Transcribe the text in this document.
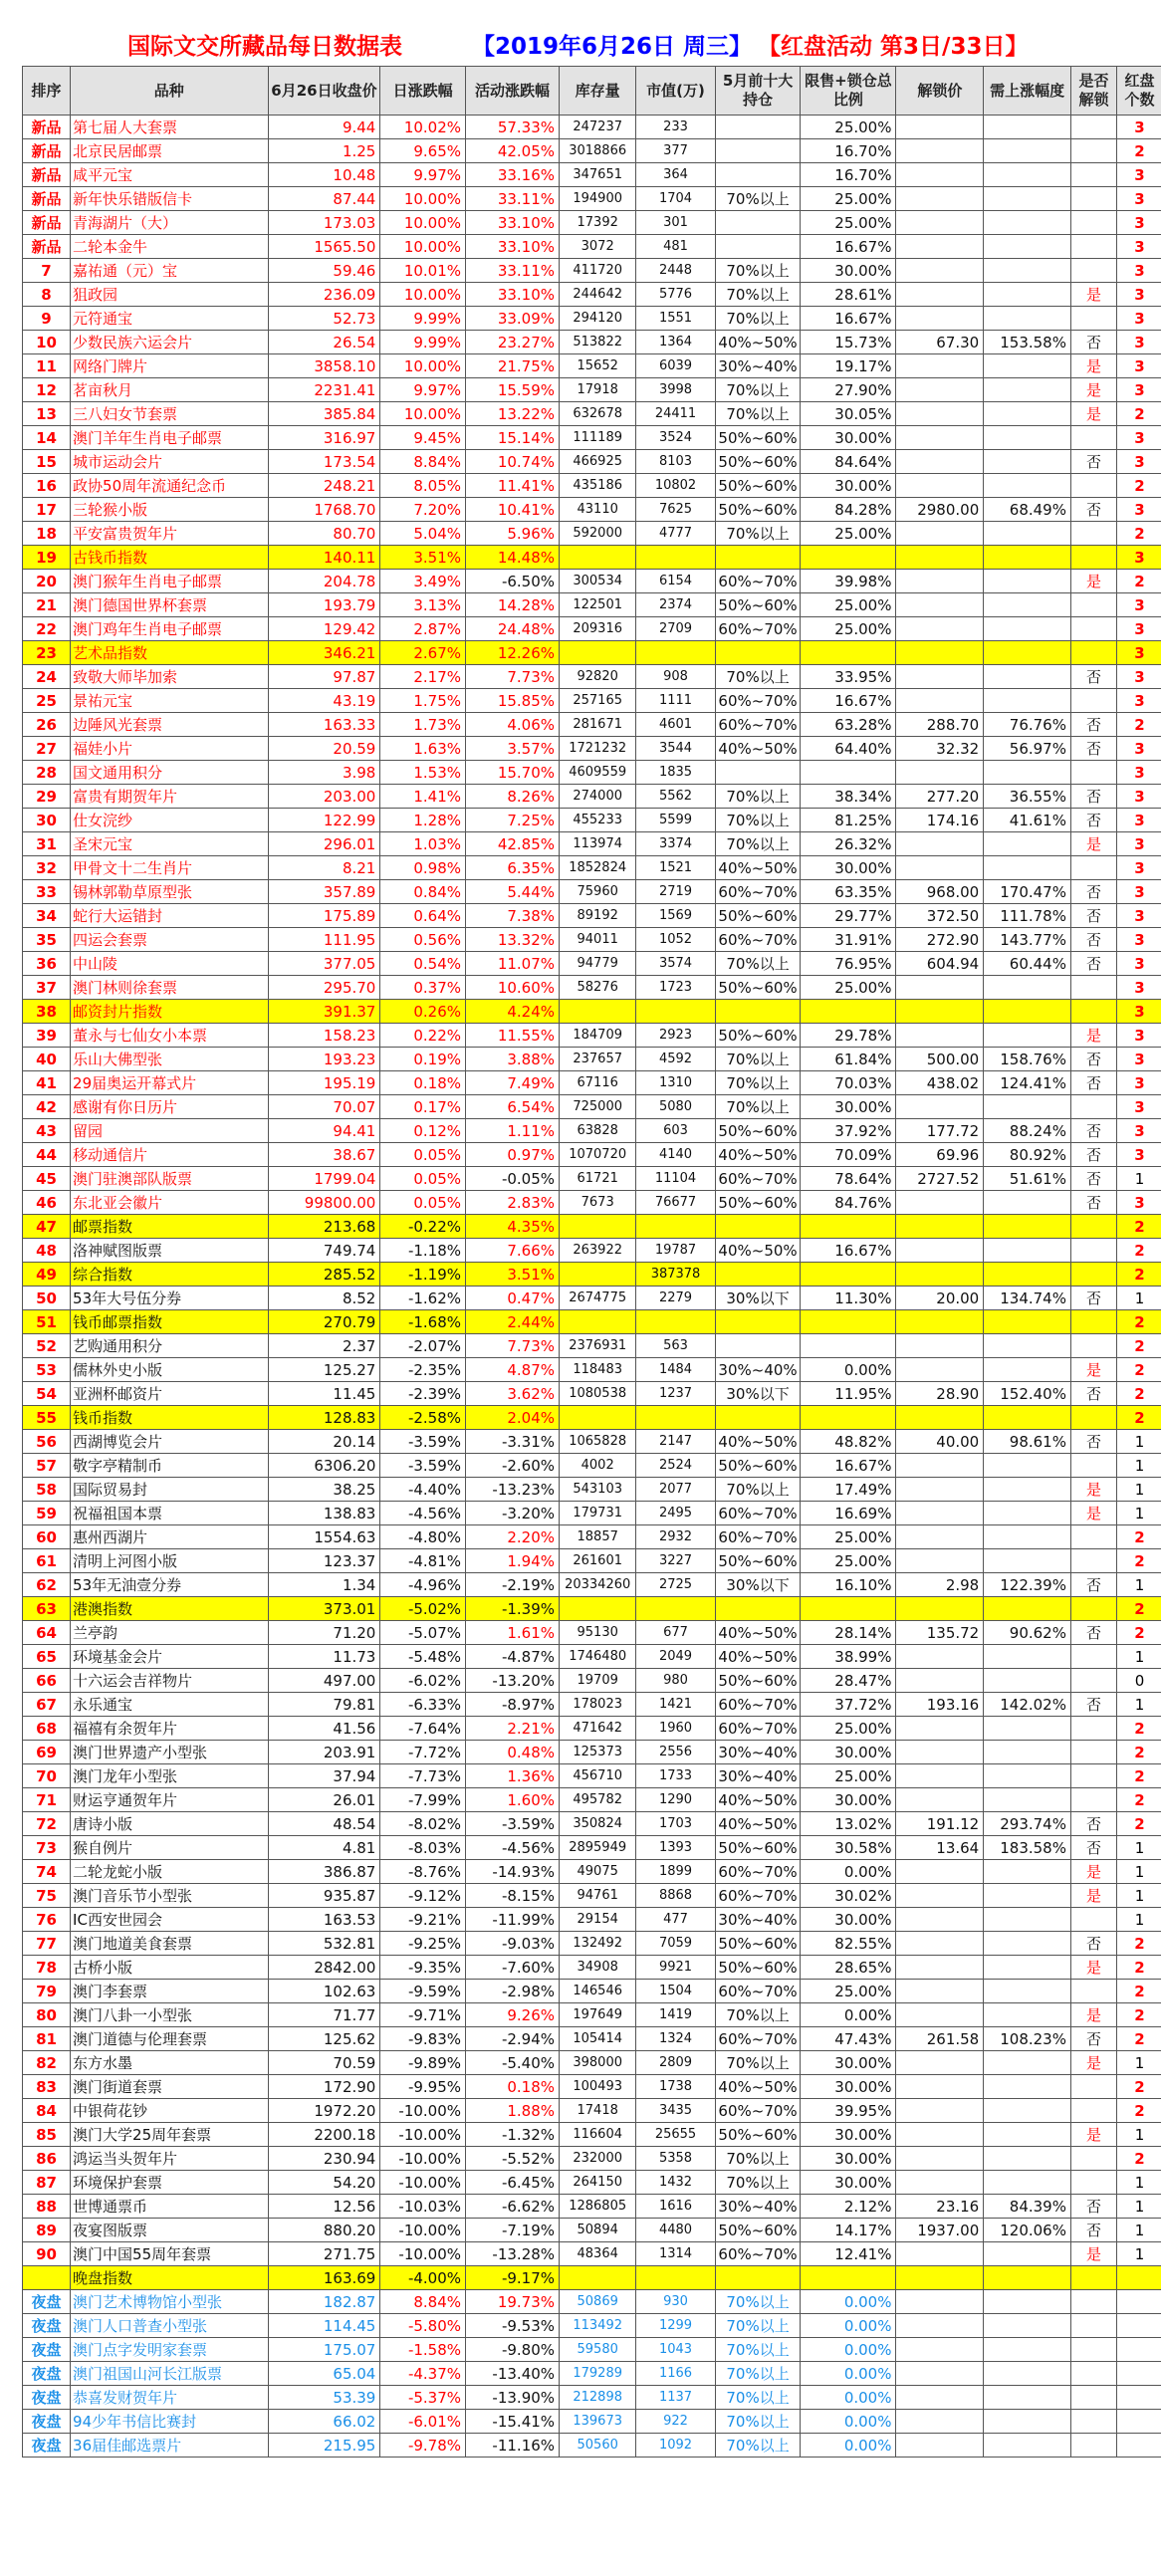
国际文交所藏品每日数据表	【2019年6月26日 周三】 【红盘活动 第3日/33日】
排序	品种	6月26日收盘价	日涨跌幅	活动涨跌幅	库存量	市值(万)	5月前十大持仓	限售+锁仓总比例	解锁价	需上涨幅度	是否解锁	红盘个数
新品	第七届人大套票	9.44	10.02%	57.33%	247237	233		25.00%				3
新品	北京民居邮票	1.25	9.65%	42.05%	3018866	377		16.70%				2
新品	咸平元宝	10.48	9.97%	33.16%	347651	364		16.70%				3
新品	新年快乐错版信卡	87.44	10.00%	33.11%	194900	1704	70%以上	25.00%				3
新品	青海湖片（大）	173.03	10.00%	33.10%	17392	301		25.00%				3
新品	二轮本金牛	1565.50	10.00%	33.10%	3072	481		16.67%				3
7	嘉祐通（元）宝	59.46	10.01%	33.11%	411720	2448	70%以上	30.00%				3
8	狙政园	236.09	10.00%	33.10%	244642	5776	70%以上	28.61%			是	3
9	元符通宝	52.73	9.99%	33.09%	294120	1551	70%以上	16.67%				3
10	少数民族六运会片	26.54	9.99%	23.27%	513822	1364	40%~50%	15.73%	67.30	153.58%	否	3
11	网络门牌片	3858.10	10.00%	21.75%	15652	6039	30%~40%	19.17%			是	3
12	茗亩秋月	2231.41	9.97%	15.59%	17918	3998	70%以上	27.90%			是	3
13	三八妇女节套票	385.84	10.00%	13.22%	632678	24411	70%以上	30.05%			是	2
14	澳门羊年生肖电子邮票	316.97	9.45%	15.14%	111189	3524	50%~60%	30.00%				3
15	城市运动会片	173.54	8.84%	10.74%	466925	8103	50%~60%	84.64%			否	3
16	政协50周年流通纪念币	248.21	8.05%	11.41%	435186	10802	50%~60%	30.00%				2
17	三轮猴小版	1768.70	7.20%	10.41%	43110	7625	50%~60%	84.28%	2980.00	68.49%	否	3
18	平安富贵贺年片	80.70	5.04%	5.96%	592000	4777	70%以上	25.00%				2
19	古钱币指数	140.11	3.51%	14.48%								3
20	澳门猴年生肖电子邮票	204.78	3.49%	-6.50%	300534	6154	60%~70%	39.98%			是	2
21	澳门德国世界杯套票	193.79	3.13%	14.28%	122501	2374	50%~60%	25.00%				3
22	澳门鸡年生肖电子邮票	129.42	2.87%	24.48%	209316	2709	60%~70%	25.00%				3
23	艺术品指数	346.21	2.67%	12.26%								3
24	致敬大师毕加索	97.87	2.17%	7.73%	92820	908	70%以上	33.95%			否	3
25	景祐元宝	43.19	1.75%	15.85%	257165	1111	60%~70%	16.67%				3
26	边陲风光套票	163.33	1.73%	4.06%	281671	4601	60%~70%	63.28%	288.70	76.76%	否	2
27	福娃小片	20.59	1.63%	3.57%	1721232	3544	40%~50%	64.40%	32.32	56.97%	否	3
28	国文通用积分	3.98	1.53%	15.70%	4609559	1835						3
29	富贵有期贺年片	203.00	1.41%	8.26%	274000	5562	70%以上	38.34%	277.20	36.55%	否	3
30	仕女浣纱	122.99	1.28%	7.25%	455233	5599	70%以上	81.25%	174.16	41.61%	否	3
31	圣宋元宝	296.01	1.03%	42.85%	113974	3374	70%以上	26.32%			是	3
32	甲骨文十二生肖片	8.21	0.98%	6.35%	1852824	1521	40%~50%	30.00%				3
33	锡林郭勒草原型张	357.89	0.84%	5.44%	75960	2719	60%~70%	63.35%	968.00	170.47%	否	3
34	蛇行大运错封	175.89	0.64%	7.38%	89192	1569	50%~60%	29.77%	372.50	111.78%	否	3
35	四运会套票	111.95	0.56%	13.32%	94011	1052	60%~70%	31.91%	272.90	143.77%	否	3
36	中山陵	377.05	0.54%	11.07%	94779	3574	70%以上	76.95%	604.94	60.44%	否	3
37	澳门林则徐套票	295.70	0.37%	10.60%	58276	1723	50%~60%	25.00%				3
38	邮资封片指数	391.37	0.26%	4.24%								3
39	董永与七仙女小本票	158.23	0.22%	11.55%	184709	2923	50%~60%	29.78%			是	3
40	乐山大佛型张	193.23	0.19%	3.88%	237657	4592	70%以上	61.84%	500.00	158.76%	否	3
41	29届奥运开幕式片	195.19	0.18%	7.49%	67116	1310	70%以上	70.03%	438.02	124.41%	否	3
42	感谢有你日历片	70.07	0.17%	6.54%	725000	5080	70%以上	30.00%				3
43	留园	94.41	0.12%	1.11%	63828	603	50%~60%	37.92%	177.72	88.24%	否	3
44	移动通信片	38.67	0.05%	0.97%	1070720	4140	40%~50%	70.09%	69.96	80.92%	否	3
45	澳门驻澳部队版票	1799.04	0.05%	-0.05%	61721	11104	60%~70%	78.64%	2727.52	51.61%	否	1
46	东北亚会徽片	99800.00	0.05%	2.83%	7673	76677	50%~60%	84.76%			否	3
47	邮票指数	213.68	-0.22%	4.35%								2
48	洛神赋图版票	749.74	-1.18%	7.66%	263922	19787	40%~50%	16.67%				2
49	综合指数	285.52	-1.19%	3.51%		387378						2
50	53年大号伍分券	8.52	-1.62%	0.47%	2674775	2279	30%以下	11.30%	20.00	134.74%	否	1
51	钱币邮票指数	270.79	-1.68%	2.44%								2
52	艺购通用积分	2.37	-2.07%	7.73%	2376931	563						2
53	儒林外史小版	125.27	-2.35%	4.87%	118483	1484	30%~40%	0.00%			是	2
54	亚洲杯邮资片	11.45	-2.39%	3.62%	1080538	1237	30%以下	11.95%	28.90	152.40%	否	2
55	钱币指数	128.83	-2.58%	2.04%								2
56	西湖博览会片	20.14	-3.59%	-3.31%	1065828	2147	40%~50%	48.82%	40.00	98.61%	否	1
57	敬字亭精制币	6306.20	-3.59%	-2.60%	4002	2524	50%~60%	16.67%				1
58	国际贸易封	38.25	-4.40%	-13.23%	543103	2077	70%以上	17.49%			是	1
59	祝福祖国本票	138.83	-4.56%	-3.20%	179731	2495	60%~70%	16.69%			是	1
60	惠州西湖片	1554.63	-4.80%	2.20%	18857	2932	60%~70%	25.00%				2
61	清明上河图小版	123.37	-4.81%	1.94%	261601	3227	50%~60%	25.00%				2
62	53年无油壹分券	1.34	-4.96%	-2.19%	20334260	2725	30%以下	16.10%	2.98	122.39%	否	1
63	港澳指数	373.01	-5.02%	-1.39%								2
64	兰亭韵	71.20	-5.07%	1.61%	95130	677	40%~50%	28.14%	135.72	90.62%	否	2
65	环境基金会片	11.73	-5.48%	-4.87%	1746480	2049	40%~50%	38.99%				1
66	十六运会吉祥物片	497.00	-6.02%	-13.20%	19709	980	50%~60%	28.47%				0
67	永乐通宝	79.81	-6.33%	-8.97%	178023	1421	60%~70%	37.72%	193.16	142.02%	否	1
68	福禧有余贺年片	41.56	-7.64%	2.21%	471642	1960	60%~70%	25.00%				2
69	澳门世界遗产小型张	203.91	-7.72%	0.48%	125373	2556	30%~40%	30.00%				2
70	澳门龙年小型张	37.94	-7.73%	1.36%	456710	1733	30%~40%	25.00%				2
71	财运亨通贺年片	26.01	-7.99%	1.60%	495782	1290	40%~50%	30.00%				2
72	唐诗小版	48.54	-8.02%	-3.59%	350824	1703	40%~50%	13.02%	191.12	293.74%	否	2
73	猴自例片	4.81	-8.03%	-4.56%	2895949	1393	50%~60%	30.58%	13.64	183.58%	否	1
74	二轮龙蛇小版	386.87	-8.76%	-14.93%	49075	1899	60%~70%	0.00%			是	1
75	澳门音乐节小型张	935.87	-9.12%	-8.15%	94761	8868	60%~70%	30.02%			是	1
76	IC西安世园会	163.53	-9.21%	-11.99%	29154	477	30%~40%	30.00%				1
77	澳门地道美食套票	532.81	-9.25%	-9.03%	132492	7059	50%~60%	82.55%			否	2
78	古桥小版	2842.00	-9.35%	-7.60%	34908	9921	50%~60%	28.65%			是	2
79	澳门李套票	102.63	-9.59%	-2.98%	146546	1504	60%~70%	25.00%				2
80	澳门八卦一小型张	71.77	-9.71%	9.26%	197649	1419	70%以上	0.00%			是	2
81	澳门道德与伦理套票	125.62	-9.83%	-2.94%	105414	1324	60%~70%	47.43%	261.58	108.23%	否	2
82	东方水墨	70.59	-9.89%	-5.40%	398000	2809	70%以上	30.00%			是	1
83	澳门街道套票	172.90	-9.95%	0.18%	100493	1738	40%~50%	30.00%				2
84	中银荷花钞	1972.20	-10.00%	1.88%	17418	3435	60%~70%	39.95%				2
85	澳门大学25周年套票	2200.18	-10.00%	-1.32%	116604	25655	50%~60%	30.00%			是	1
86	鸿运当头贺年片	230.94	-10.00%	-5.52%	232000	5358	70%以上	30.00%				2
87	环境保护套票	54.20	-10.00%	-6.45%	264150	1432	70%以上	30.00%				1
88	世博通票币	12.56	-10.03%	-6.62%	1286805	1616	30%~40%	2.12%	23.16	84.39%	否	1
89	夜宴图版票	880.20	-10.00%	-7.19%	50894	4480	50%~60%	14.17%	1937.00	120.06%	否	1
90	澳门中国55周年套票	271.75	-10.00%	-13.28%	48364	1314	60%~70%	12.41%			是	1
	晚盘指数	163.69	-4.00%	-9.17%								
夜盘	澳门艺术博物馆小型张	182.87	8.84%	19.73%	50869	930	70%以上	0.00%				
夜盘	澳门人口普查小型张	114.45	-5.80%	-9.53%	113492	1299	70%以上	0.00%				
夜盘	澳门点字发明家套票	175.07	-1.58%	-9.80%	59580	1043	70%以上	0.00%				
夜盘	澳门祖国山河长江版票	65.04	-4.37%	-13.40%	179289	1166	70%以上	0.00%				
夜盘	恭喜发财贺年片	53.39	-5.37%	-13.90%	212898	1137	70%以上	0.00%				
夜盘	94少年书信比赛封	66.02	-6.01%	-15.41%	139673	922	70%以上	0.00%				
夜盘	36届佳邮选票片	215.95	-9.78%	-11.16%	50560	1092	70%以上	0.00%				
